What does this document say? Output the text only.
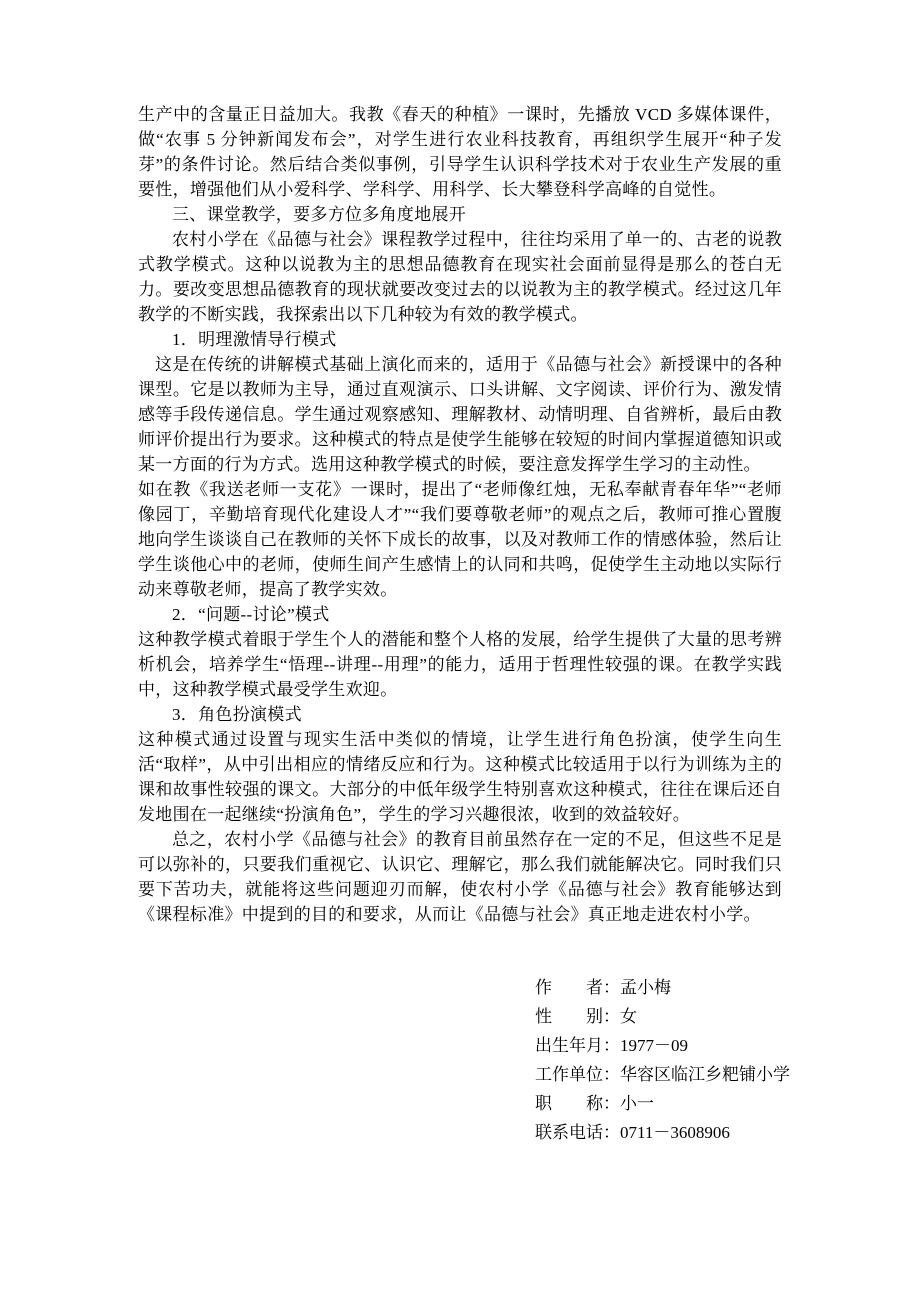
生产中的含量正日益加大。我教《春天的种植》一课时，先播放 VCD 多媒体课件，做“农事 5 分钟新闻发布会”，对学生进行农业科技教育，再组织学生展开“种子发芽”的条件讨论。然后结合类似事例，引导学生认识科学技术对于农业生产发展的重要性，增强他们从小爱科学、学科学、用科学、长大攀登科学高峰的自觉性。

三、课堂教学，要多方位多角度地展开

农村小学在《品德与社会》课程教学过程中，往往均采用了单一的、古老的说教式教学模式。这种以说教为主的思想品德教育在现实社会面前显得是那么的苍白无力。要改变思想品德教育的现状就要改变过去的以说教为主的教学模式。经过这几年教学的不断实践，我探索出以下几种较为有效的教学模式。

1．明理激情导行模式

这是在传统的讲解模式基础上演化而来的，适用于《品德与社会》新授课中的各种课型。它是以教师为主导，通过直观演示、口头讲解、文字阅读、评价行为、激发情感等手段传递信息。学生通过观察感知、理解教材、动情明理、自省辨析，最后由教师评价提出行为要求。这种模式的特点是使学生能够在较短的时间内掌握道德知识或某一方面的行为方式。选用这种教学模式的时候，要注意发挥学生学习的主动性。

如在教《我送老师一支花》一课时，提出了“老师像红烛，无私奉献青春年华”“老师像园丁，辛勤培育现代化建设人才”“我们要尊敬老师”的观点之后，教师可推心置腹地向学生谈谈自己在教师的关怀下成长的故事，以及对教师工作的情感体验，然后让学生谈他心中的老师，使师生间产生感情上的认同和共鸣，促使学生主动地以实际行动来尊敬老师，提高了教学实效。

2．“问题--讨论”模式

这种教学模式着眼于学生个人的潜能和整个人格的发展，给学生提供了大量的思考辨析机会，培养学生“悟理--讲理--用理”的能力，适用于哲理性较强的课。在教学实践中，这种教学模式最受学生欢迎。

3．角色扮演模式

这种模式通过设置与现实生活中类似的情境，让学生进行角色扮演，使学生向生活“取样”，从中引出相应的情绪反应和行为。这种模式比较适用于以行为训练为主的课和故事性较强的课文。大部分的中低年级学生特别喜欢这种模式，往往在课后还自发地围在一起继续“扮演角色”，学生的学习兴趣很浓，收到的效益较好。

总之，农村小学《品德与社会》的教育目前虽然存在一定的不足，但这些不足是可以弥补的，只要我们重视它、认识它、理解它，那么我们就能解决它。同时我们只要下苦功夫，就能将这些问题迎刃而解，使农村小学《品德与社会》教育能够达到《课程标准》中提到的目的和要求，从而让《品德与社会》真正地走进农村小学。

作　　者：孟小梅
性　　别：女
出生年月：1977－09
工作单位：华容区临江乡粑铺小学
职　　称：小一
联系电话：0711－3608906
